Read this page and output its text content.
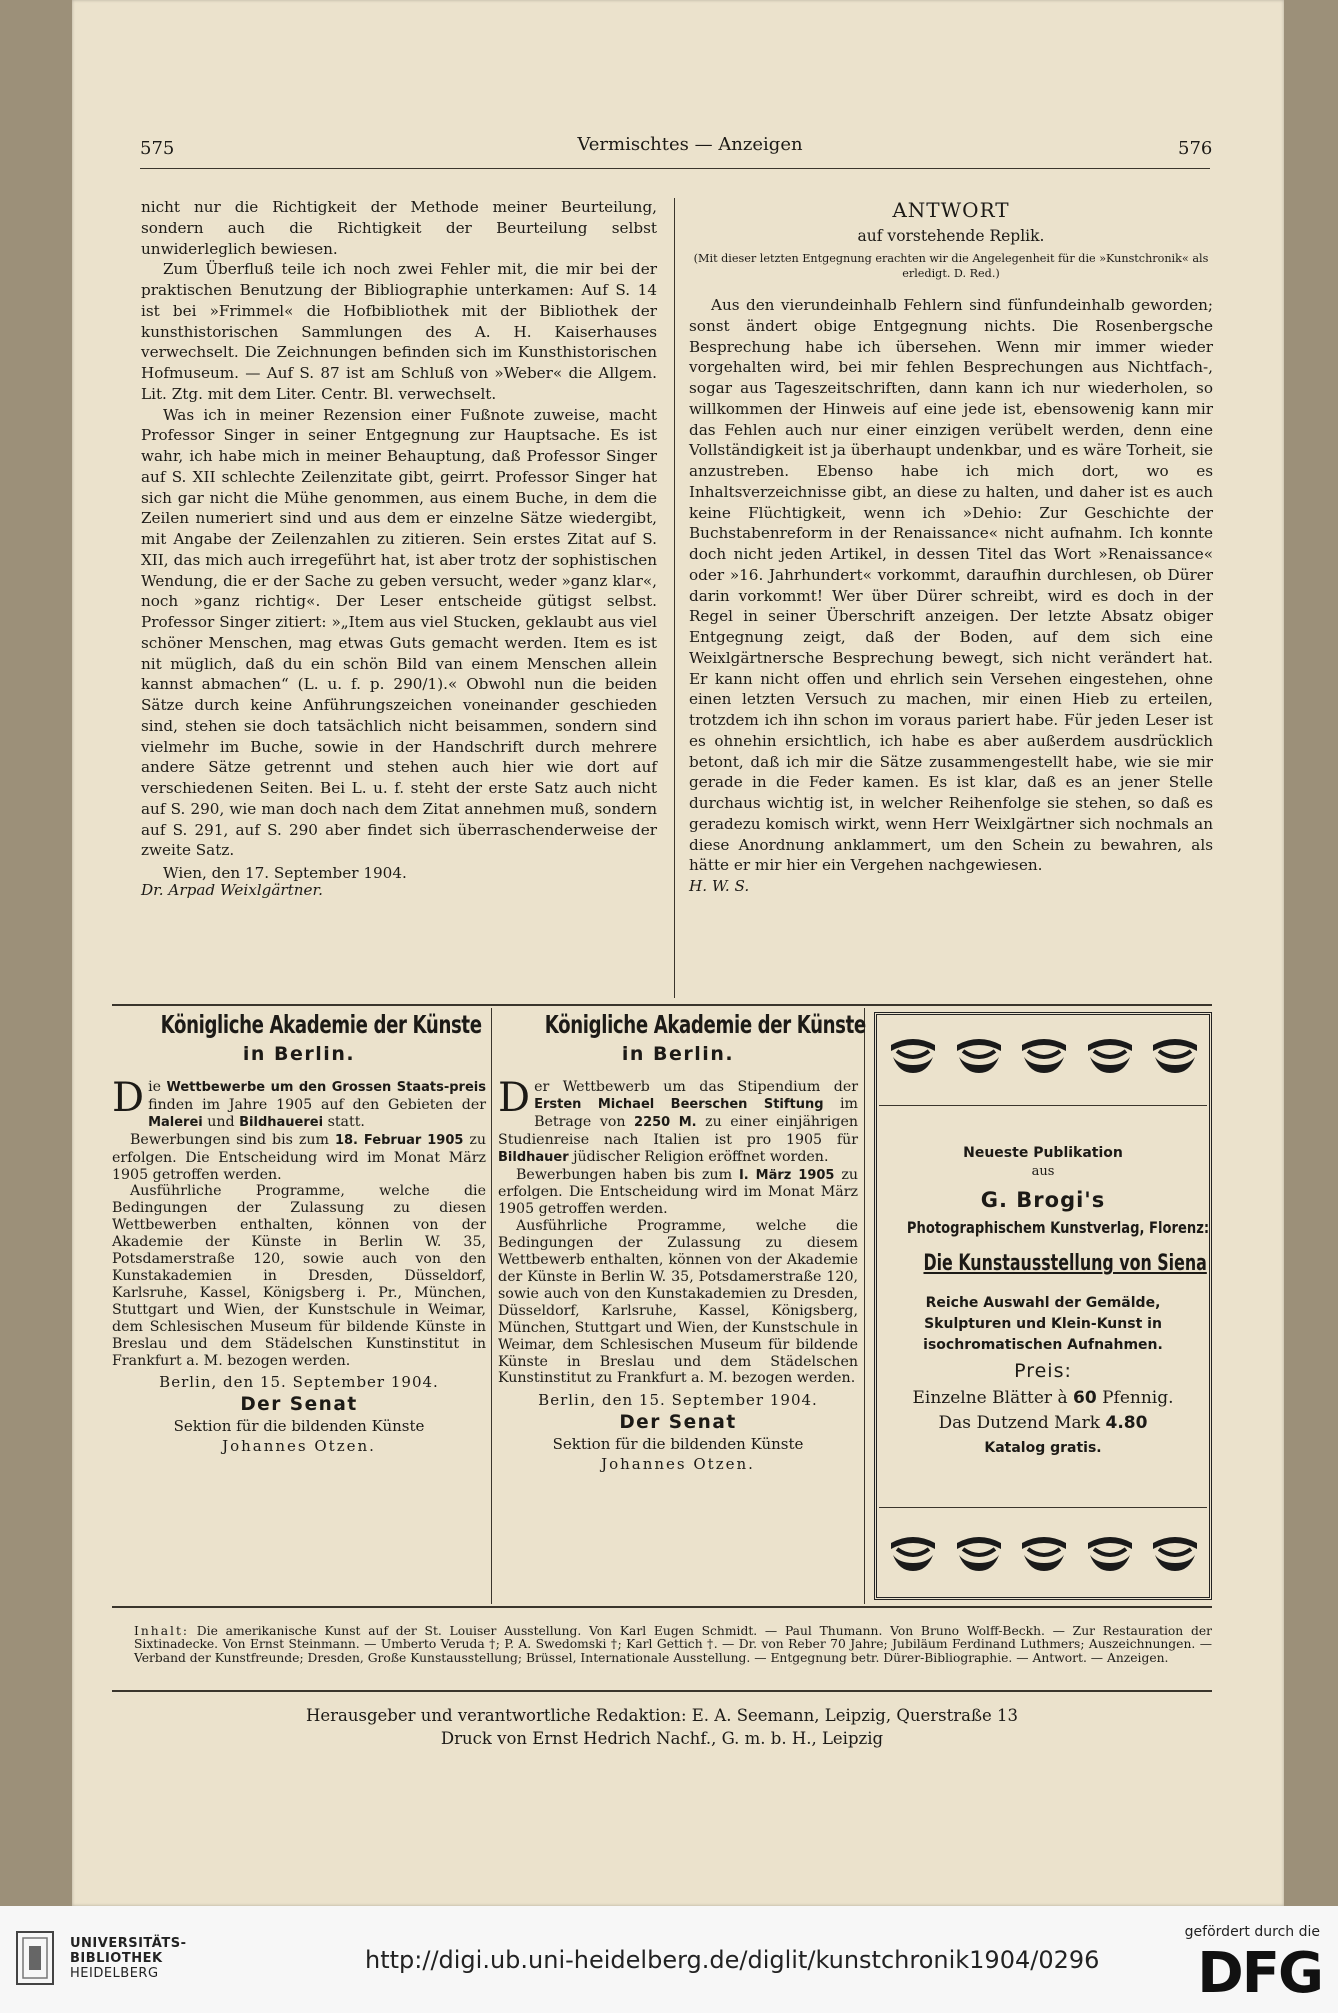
575	Vermischtes — Anzeigen	576

nicht nur die Richtigkeit der Methode meiner Beurteilung, sondern auch die Richtigkeit der Beurteilung selbst unwiderleglich bewiesen.

Zum Überfluß teile ich noch zwei Fehler mit, die mir bei der praktischen Benutzung der Bibliographie unterkamen: Auf S. 14 ist bei »Frimmel« die Hofbibliothek mit der Bibliothek der kunsthistorischen Sammlungen des A. H. Kaiserhauses verwechselt. Die Zeichnungen befinden sich im Kunsthistorischen Hofmuseum. — Auf S. 87 ist am Schluß von »Weber« die Allgem. Lit. Ztg. mit dem Liter. Centr. Bl. verwechselt.

Was ich in meiner Rezension einer Fußnote zuweise, macht Professor Singer in seiner Entgegnung zur Hauptsache. Es ist wahr, ich habe mich in meiner Behauptung, daß Professor Singer auf S. XII schlechte Zeilenzitate gibt, geirrt. Professor Singer hat sich gar nicht die Mühe genommen, aus einem Buche, in dem die Zeilen numeriert sind und aus dem er einzelne Sätze wiedergibt, mit Angabe der Zeilenzahlen zu zitieren. Sein erstes Zitat auf S. XII, das mich auch irregeführt hat, ist aber trotz der sophistischen Wendung, die er der Sache zu geben versucht, weder »ganz klar«, noch »ganz richtig«. Der Leser entscheide gütigst selbst. Professor Singer zitiert: »„Item aus viel Stucken, geklaubt aus viel schöner Menschen, mag etwas Guts gemacht werden. Item es ist nit müglich, daß du ein schön Bild van einem Menschen allein kannst abmachen“ (L. u. f. p. 290/1).« Obwohl nun die beiden Sätze durch keine Anführungszeichen voneinander geschieden sind, stehen sie doch tatsächlich nicht beisammen, sondern sind vielmehr im Buche, sowie in der Handschrift durch mehrere andere Sätze getrennt und stehen auch hier wie dort auf verschiedenen Seiten. Bei L. u. f. steht der erste Satz auch nicht auf S. 290, wie man doch nach dem Zitat annehmen muß, sondern auf S. 291, auf S. 290 aber findet sich überraschenderweise der zweite Satz.

Wien, den 17. September 1904.

Dr. Arpad Weixlgärtner.

ANTWORT
auf vorstehende Replik.
(Mit dieser letzten Entgegnung erachten wir die Angelegenheit für die »Kunstchronik« als erledigt. D. Red.)

Aus den vierundeinhalb Fehlern sind fünfundeinhalb geworden; sonst ändert obige Entgegnung nichts. Die Rosenbergsche Besprechung habe ich übersehen. Wenn mir immer wieder vorgehalten wird, bei mir fehlen Besprechungen aus Nichtfach-, sogar aus Tageszeitschriften, dann kann ich nur wiederholen, so willkommen der Hinweis auf eine jede ist, ebensowenig kann mir das Fehlen auch nur einer einzigen verübelt werden, denn eine Vollständigkeit ist ja überhaupt undenkbar, und es wäre Torheit, sie anzustreben. Ebenso habe ich mich dort, wo es Inhaltsverzeichnisse gibt, an diese zu halten, und daher ist es auch keine Flüchtigkeit, wenn ich »Dehio: Zur Geschichte der Buchstabenreform in der Renaissance« nicht aufnahm. Ich konnte doch nicht jeden Artikel, in dessen Titel das Wort »Renaissance« oder »16. Jahrhundert« vorkommt, daraufhin durchlesen, ob Dürer darin vorkommt! Wer über Dürer schreibt, wird es doch in der Regel in seiner Überschrift anzeigen. Der letzte Absatz obiger Entgegnung zeigt, daß der Boden, auf dem sich eine Weixlgärtnersche Besprechung bewegt, sich nicht verändert hat. Er kann nicht offen und ehrlich sein Versehen eingestehen, ohne einen letzten Versuch zu machen, mir einen Hieb zu erteilen, trotzdem ich ihn schon im voraus pariert habe. Für jeden Leser ist es ohnehin ersichtlich, ich habe es aber außerdem ausdrücklich betont, daß ich mir die Sätze zusammengestellt habe, wie sie mir gerade in die Feder kamen. Es ist klar, daß es an jener Stelle durchaus wichtig ist, in welcher Reihenfolge sie stehen, so daß es geradezu komisch wirkt, wenn Herr Weixlgärtner sich nochmals an diese Anordnung anklammert, um den Schein zu bewahren, als hätte er mir hier ein Vergehen nachgewiesen.

H. W. S.

Königliche Akademie der Künste
in Berlin.
D ie Wettbewerbe um den Grossen Staats-preis finden im Jahre 1905 auf den Gebieten der Malerei und Bildhauerei statt.

Bewerbungen sind bis zum 18. Februar 1905 zu erfolgen. Die Entscheidung wird im Monat März 1905 getroffen werden.

Ausführliche Programme, welche die Bedingungen der Zulassung zu diesen Wettbewerben enthalten, können von der Akademie der Künste in Berlin W. 35, Potsdamerstraße 120, sowie auch von den Kunstakademien in Dresden, Düsseldorf, Karlsruhe, Kassel, Königsberg i. Pr., München, Stuttgart und Wien, der Kunstschule in Weimar, dem Schlesischen Museum für bildende Künste in Breslau und dem Städelschen Kunstinstitut in Frankfurt a. M. bezogen werden.

Berlin, den 15. September 1904.

Der Senat

Sektion für die bildenden Künste

Johannes Otzen.

Königliche Akademie der Künste
in Berlin.
D er Wettbewerb um das Stipendium der Ersten Michael Beerschen Stiftung im Betrage von 2250 M. zu einer einjährigen Studienreise nach Italien ist pro 1905 für Bildhauer jüdischer Religion eröffnet worden.

Bewerbungen haben bis zum I. März 1905 zu erfolgen. Die Entscheidung wird im Monat März 1905 getroffen werden.

Ausführliche Programme, welche die Bedingungen der Zulassung zu diesem Wettbewerb enthalten, können von der Akademie der Künste in Berlin W. 35, Potsdamerstraße 120, sowie auch von den Kunstakademien zu Dresden, Düsseldorf, Karlsruhe, Kassel, Königsberg, München, Stuttgart und Wien, der Kunstschule in Weimar, dem Schlesischen Museum für bildende Künste in Breslau und dem Städelschen Kunstinstitut zu Frankfurt a. M. bezogen werden.

Berlin, den 15. September 1904.

Der Senat

Sektion für die bildenden Künste

Johannes Otzen.

Neueste Publikation
aus
G. Brogi's
Photographischem Kunstverlag, Florenz:
Die Kunstausstellung von Siena
Reiche Auswahl der Gemälde,
Skulpturen und Klein-Kunst in
isochromatischen Aufnahmen.
Preis:
Einzelne Blätter à 60 Pfennig.
Das Dutzend Mark 4.80
Katalog gratis.
Inhalt: Die amerikanische Kunst auf der St. Louiser Ausstellung. Von Karl Eugen Schmidt. — Paul Thumann. Von Bruno Wolff-Beckh. — Zur Restauration der Sixtinadecke. Von Ernst Steinmann. — Umberto Veruda †; P. A. Swedomski †; Karl Gettich †. — Dr. von Reber 70 Jahre; Jubiläum Ferdinand Luthmers; Auszeichnungen. — Verband der Kunstfreunde; Dresden, Große Kunstausstellung; Brüssel, Internationale Ausstellung. — Entgegnung betr. Dürer-Bibliographie. — Antwort. — Anzeigen.
Herausgeber und verantwortliche Redaktion: E. A. Seemann, Leipzig, Querstraße 13
Druck von Ernst Hedrich Nachf., G. m. b. H., Leipzig
UNIVERSITÄTS-
BIBLIOTHEK
HEIDELBERG	http://digi.ub.uni-heidelberg.de/diglit/kunstchronik1904/0296
gefördert durch die
DFG
